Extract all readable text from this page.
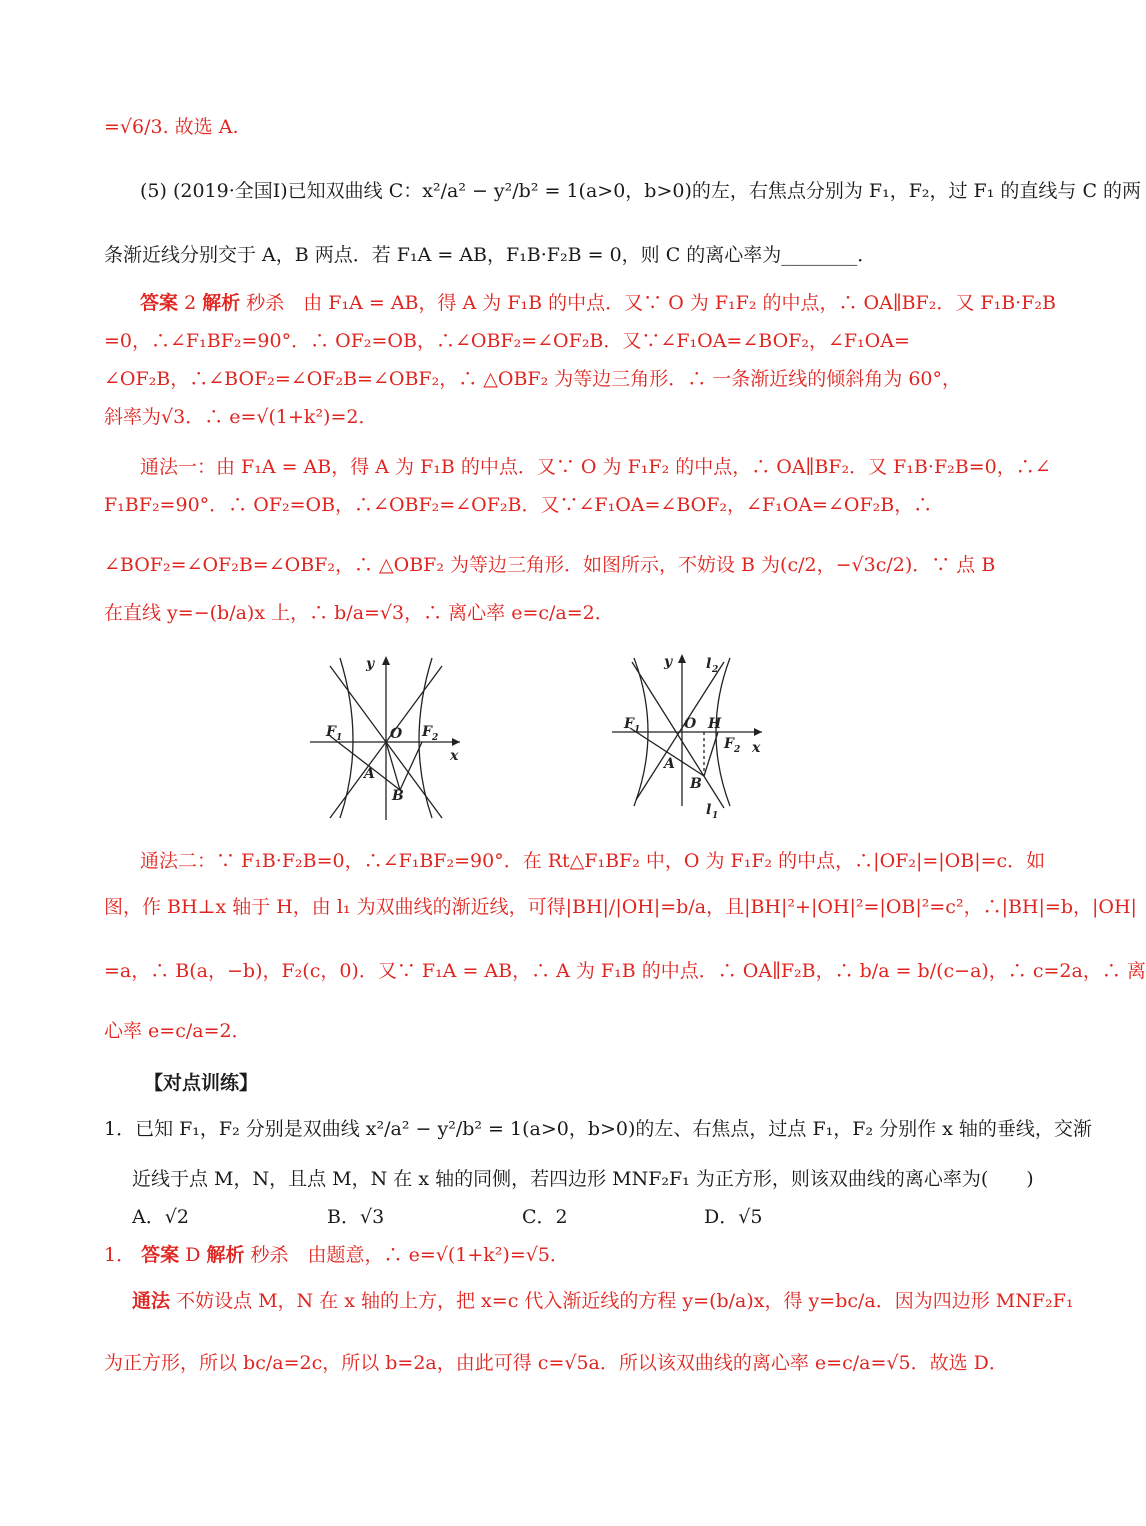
=√6/3. 故选 A.
(5) (2019·全国Ⅰ)已知双曲线 C：x²/a² − y²/b² = 1(a>0，b>0)的左，右焦点分别为 F₁，F₂，过 F₁ 的直线与 C 的两
条渐近线分别交于 A，B 两点．若 F₁A = AB，F₁B·F₂B = 0，则 C 的离心率为________．
答案 2 解析 秒杀　由 F₁A = AB，得 A 为 F₁B 的中点．又∵ O 为 F₁F₂ 的中点，∴ OA∥BF₂．又 F₁B·F₂B
=0，∴∠F₁BF₂=90°．∴ OF₂=OB，∴∠OBF₂=∠OF₂B．又∵∠F₁OA=∠BOF₂，∠F₁OA=
∠OF₂B，∴∠BOF₂=∠OF₂B=∠OBF₂，∴ △OBF₂ 为等边三角形．∴ 一条渐近线的倾斜角为 60°，
斜率为√3．∴ e=√(1+k²)=2．
通法一：由 F₁A = AB，得 A 为 F₁B 的中点．又∵ O 为 F₁F₂ 的中点，∴ OA∥BF₂．又 F₁B·F₂B=0，∴∠
F₁BF₂=90°．∴ OF₂=OB，∴∠OBF₂=∠OF₂B．又∵∠F₁OA=∠BOF₂，∠F₁OA=∠OF₂B，∴
∠BOF₂=∠OF₂B=∠OBF₂，∴ △OBF₂ 为等边三角形．如图所示，不妨设 B 为(c/2，−√3c/2)．∵ 点 B
在直线 y=−(b/a)x 上，∴ b/a=√3，∴ 离心率 e=c/a=2．
y
x
F 1	O F 2
A
B
y
x
l 2
F 1	O H
F 2
A
B
l 1
通法二：∵ F₁B·F₂B=0，∴∠F₁BF₂=90°．在 Rt△F₁BF₂ 中，O 为 F₁F₂ 的中点，∴|OF₂|=|OB|=c．如
图，作 BH⊥x 轴于 H，由 l₁ 为双曲线的渐近线，可得|BH|/|OH|=b/a，且|BH|²+|OH|²=|OB|²=c²，∴|BH|=b，|OH|
=a，∴ B(a，−b)，F₂(c，0)．又∵ F₁A = AB，∴ A 为 F₁B 的中点．∴ OA∥F₂B，∴ b/a = b/(c−a)，∴ c=2a，∴ 离
心率 e=c/a=2．
【对点训练】
1．已知 F₁，F₂ 分别是双曲线 x²/a² − y²/b² = 1(a>0，b>0)的左、右焦点，过点 F₁，F₂ 分别作 x 轴的垂线，交渐
近线于点 M，N，且点 M，N 在 x 轴的同侧，若四边形 MNF₂F₁ 为正方形，则该双曲线的离心率为(　　)
A．√2	B．√3	C．2	D．√5
1． 答案 D 解析 秒杀　由题意，∴ e=√(1+k²)=√5．
通法 不妨设点 M，N 在 x 轴的上方，把 x=c 代入渐近线的方程 y=(b/a)x，得 y=bc/a．因为四边形 MNF₂F₁
为正方形，所以 bc/a=2c，所以 b=2a，由此可得 c=√5a．所以该双曲线的离心率 e=c/a=√5．故选 D．
